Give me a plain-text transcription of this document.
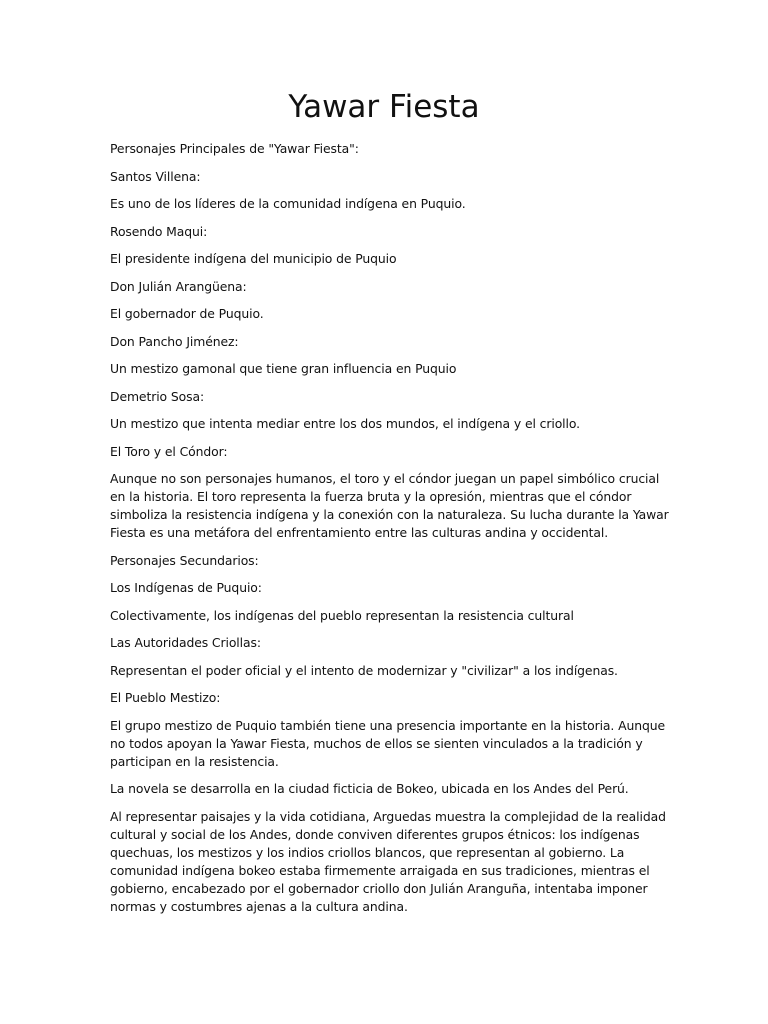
Yawar Fiesta

Personajes Principales de "Yawar Fiesta":

Santos Villena:

Es uno de los líderes de la comunidad indígena en Puquio.

Rosendo Maqui:

El presidente indígena del municipio de Puquio

Don Julián Arangüena:

El gobernador de Puquio.

Don Pancho Jiménez:

Un mestizo gamonal que tiene gran influencia en Puquio

Demetrio Sosa:

Un mestizo que intenta mediar entre los dos mundos, el indígena y el criollo.

El Toro y el Cóndor:

Aunque no son personajes humanos, el toro y el cóndor juegan un papel simbólico crucial en la historia. El toro representa la fuerza bruta y la opresión, mientras que el cóndor simboliza la resistencia indígena y la conexión con la naturaleza. Su lucha durante la Yawar Fiesta es una metáfora del enfrentamiento entre las culturas andina y occidental.

Personajes Secundarios:

Los Indígenas de Puquio:

Colectivamente, los indígenas del pueblo representan la resistencia cultural

Las Autoridades Criollas:

Representan el poder oficial y el intento de modernizar y "civilizar" a los indígenas.

El Pueblo Mestizo:

El grupo mestizo de Puquio también tiene una presencia importante en la historia. Aunque no todos apoyan la Yawar Fiesta, muchos de ellos se sienten vinculados a la tradición y participan en la resistencia.

La novela se desarrolla en la ciudad ficticia de Bokeo, ubicada en los Andes del Perú.

Al representar paisajes y la vida cotidiana, Arguedas muestra la complejidad de la realidad cultural y social de los Andes, donde conviven diferentes grupos étnicos: los indígenas quechuas, los mestizos y los indios criollos blancos, que representan al gobierno. La comunidad indígena bokeo estaba firmemente arraigada en sus tradiciones, mientras el gobierno, encabezado por el gobernador criollo don Julián Aranguña, intentaba imponer normas y costumbres ajenas a la cultura andina.
